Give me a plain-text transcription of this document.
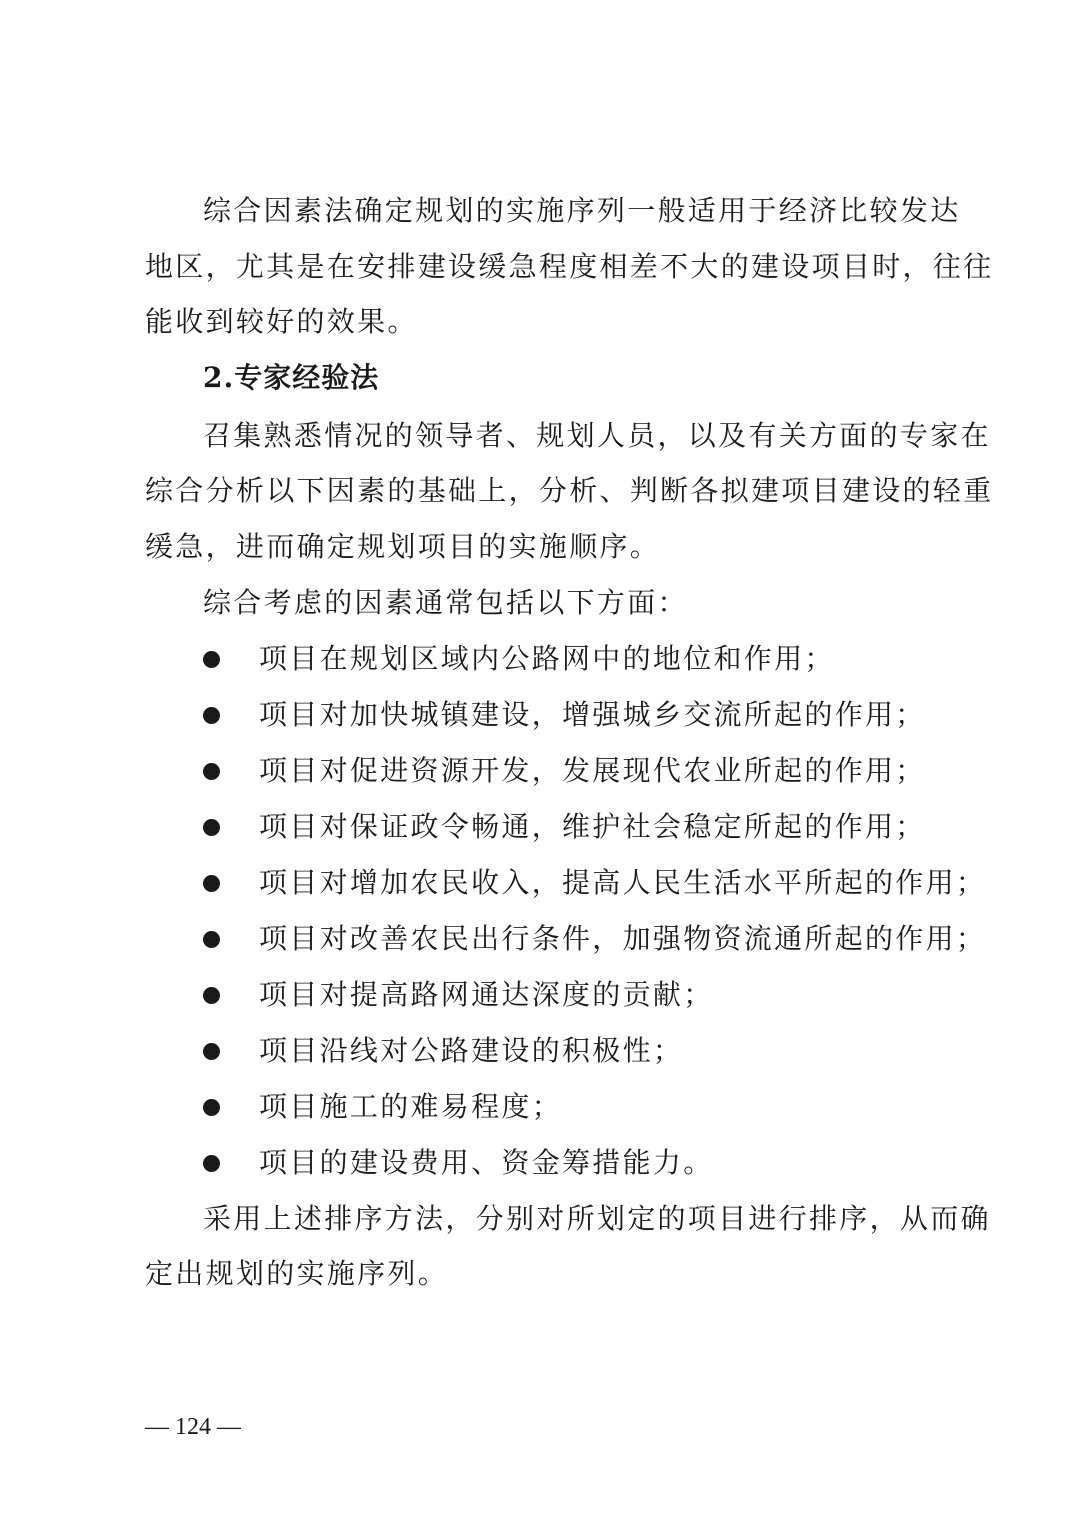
综合因素法确定规划的实施序列一般适用于经济比较发达
地区，尤其是在安排建设缓急程度相差不大的建设项目时，往往
能收到较好的效果。
2.专家经验法
召集熟悉情况的领导者、规划人员，以及有关方面的专家在
综合分析以下因素的基础上，分析、判断各拟建项目建设的轻重
缓急，进而确定规划项目的实施顺序。
综合考虑的因素通常包括以下方面：
项目在规划区域内公路网中的地位和作用；
项目对加快城镇建设，增强城乡交流所起的作用；
项目对促进资源开发，发展现代农业所起的作用；
项目对保证政令畅通，维护社会稳定所起的作用；
项目对增加农民收入，提高人民生活水平所起的作用；
项目对改善农民出行条件，加强物资流通所起的作用；
项目对提高路网通达深度的贡献；
项目沿线对公路建设的积极性；
项目施工的难易程度；
项目的建设费用、资金筹措能力。
采用上述排序方法，分别对所划定的项目进行排序，从而确
定出规划的实施序列。
— 124 —
